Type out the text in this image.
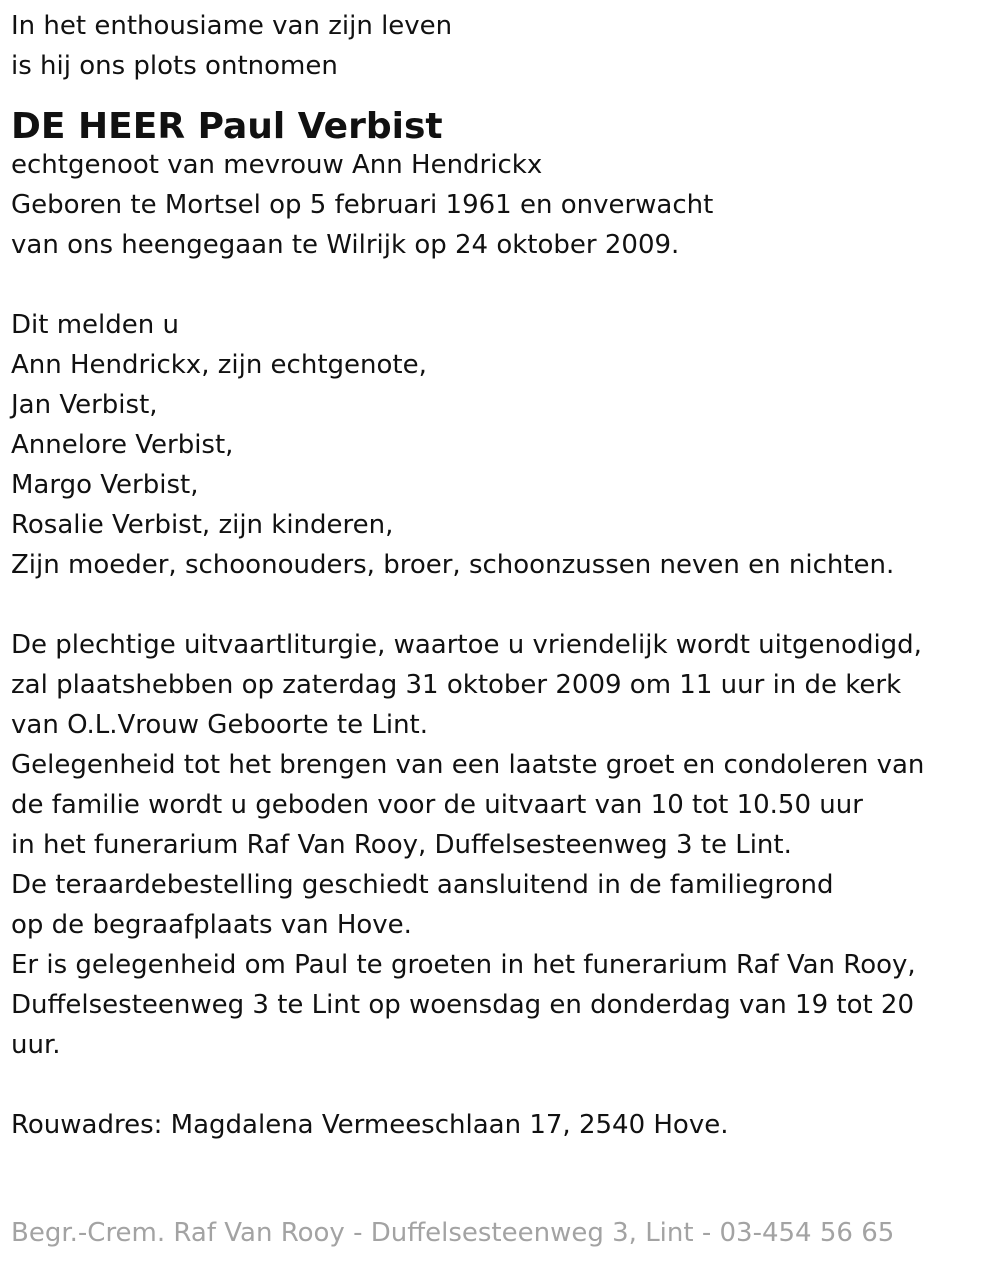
In het enthousiame van zijn leven

is hij ons plots ontnomen

DE HEER Paul Verbist

echtgenoot van mevrouw Ann Hendrickx

Geboren te Mortsel op 5 februari 1961 en onverwacht

van ons heengegaan te Wilrijk op 24 oktober 2009.

Dit melden u

Ann Hendrickx, zijn echtgenote,

Jan Verbist,

Annelore Verbist,

Margo Verbist,

Rosalie Verbist, zijn kinderen,

Zijn moeder, schoonouders, broer, schoonzussen neven en nichten.

De plechtige uitvaartliturgie, waartoe u vriendelijk wordt uitgenodigd,

zal plaatshebben op zaterdag 31 oktober 2009 om 11 uur in de kerk

van O.L.Vrouw Geboorte te Lint.

Gelegenheid tot het brengen van een laatste groet en condoleren van

de familie wordt u geboden voor de uitvaart van 10 tot 10.50 uur

in het funerarium Raf Van Rooy, Duffelsesteenweg 3 te Lint.

De teraardebestelling geschiedt aansluitend in de familiegrond

op de begraafplaats van Hove.

Er is gelegenheid om Paul te groeten in het funerarium Raf Van Rooy,

Duffelsesteenweg 3 te Lint op woensdag en donderdag van 19 tot 20

uur.

Rouwadres: Magdalena Vermeeschlaan 17, 2540 Hove.

Begr.-Crem. Raf Van Rooy - Duffelsesteenweg 3, Lint - 03-454 56 65
